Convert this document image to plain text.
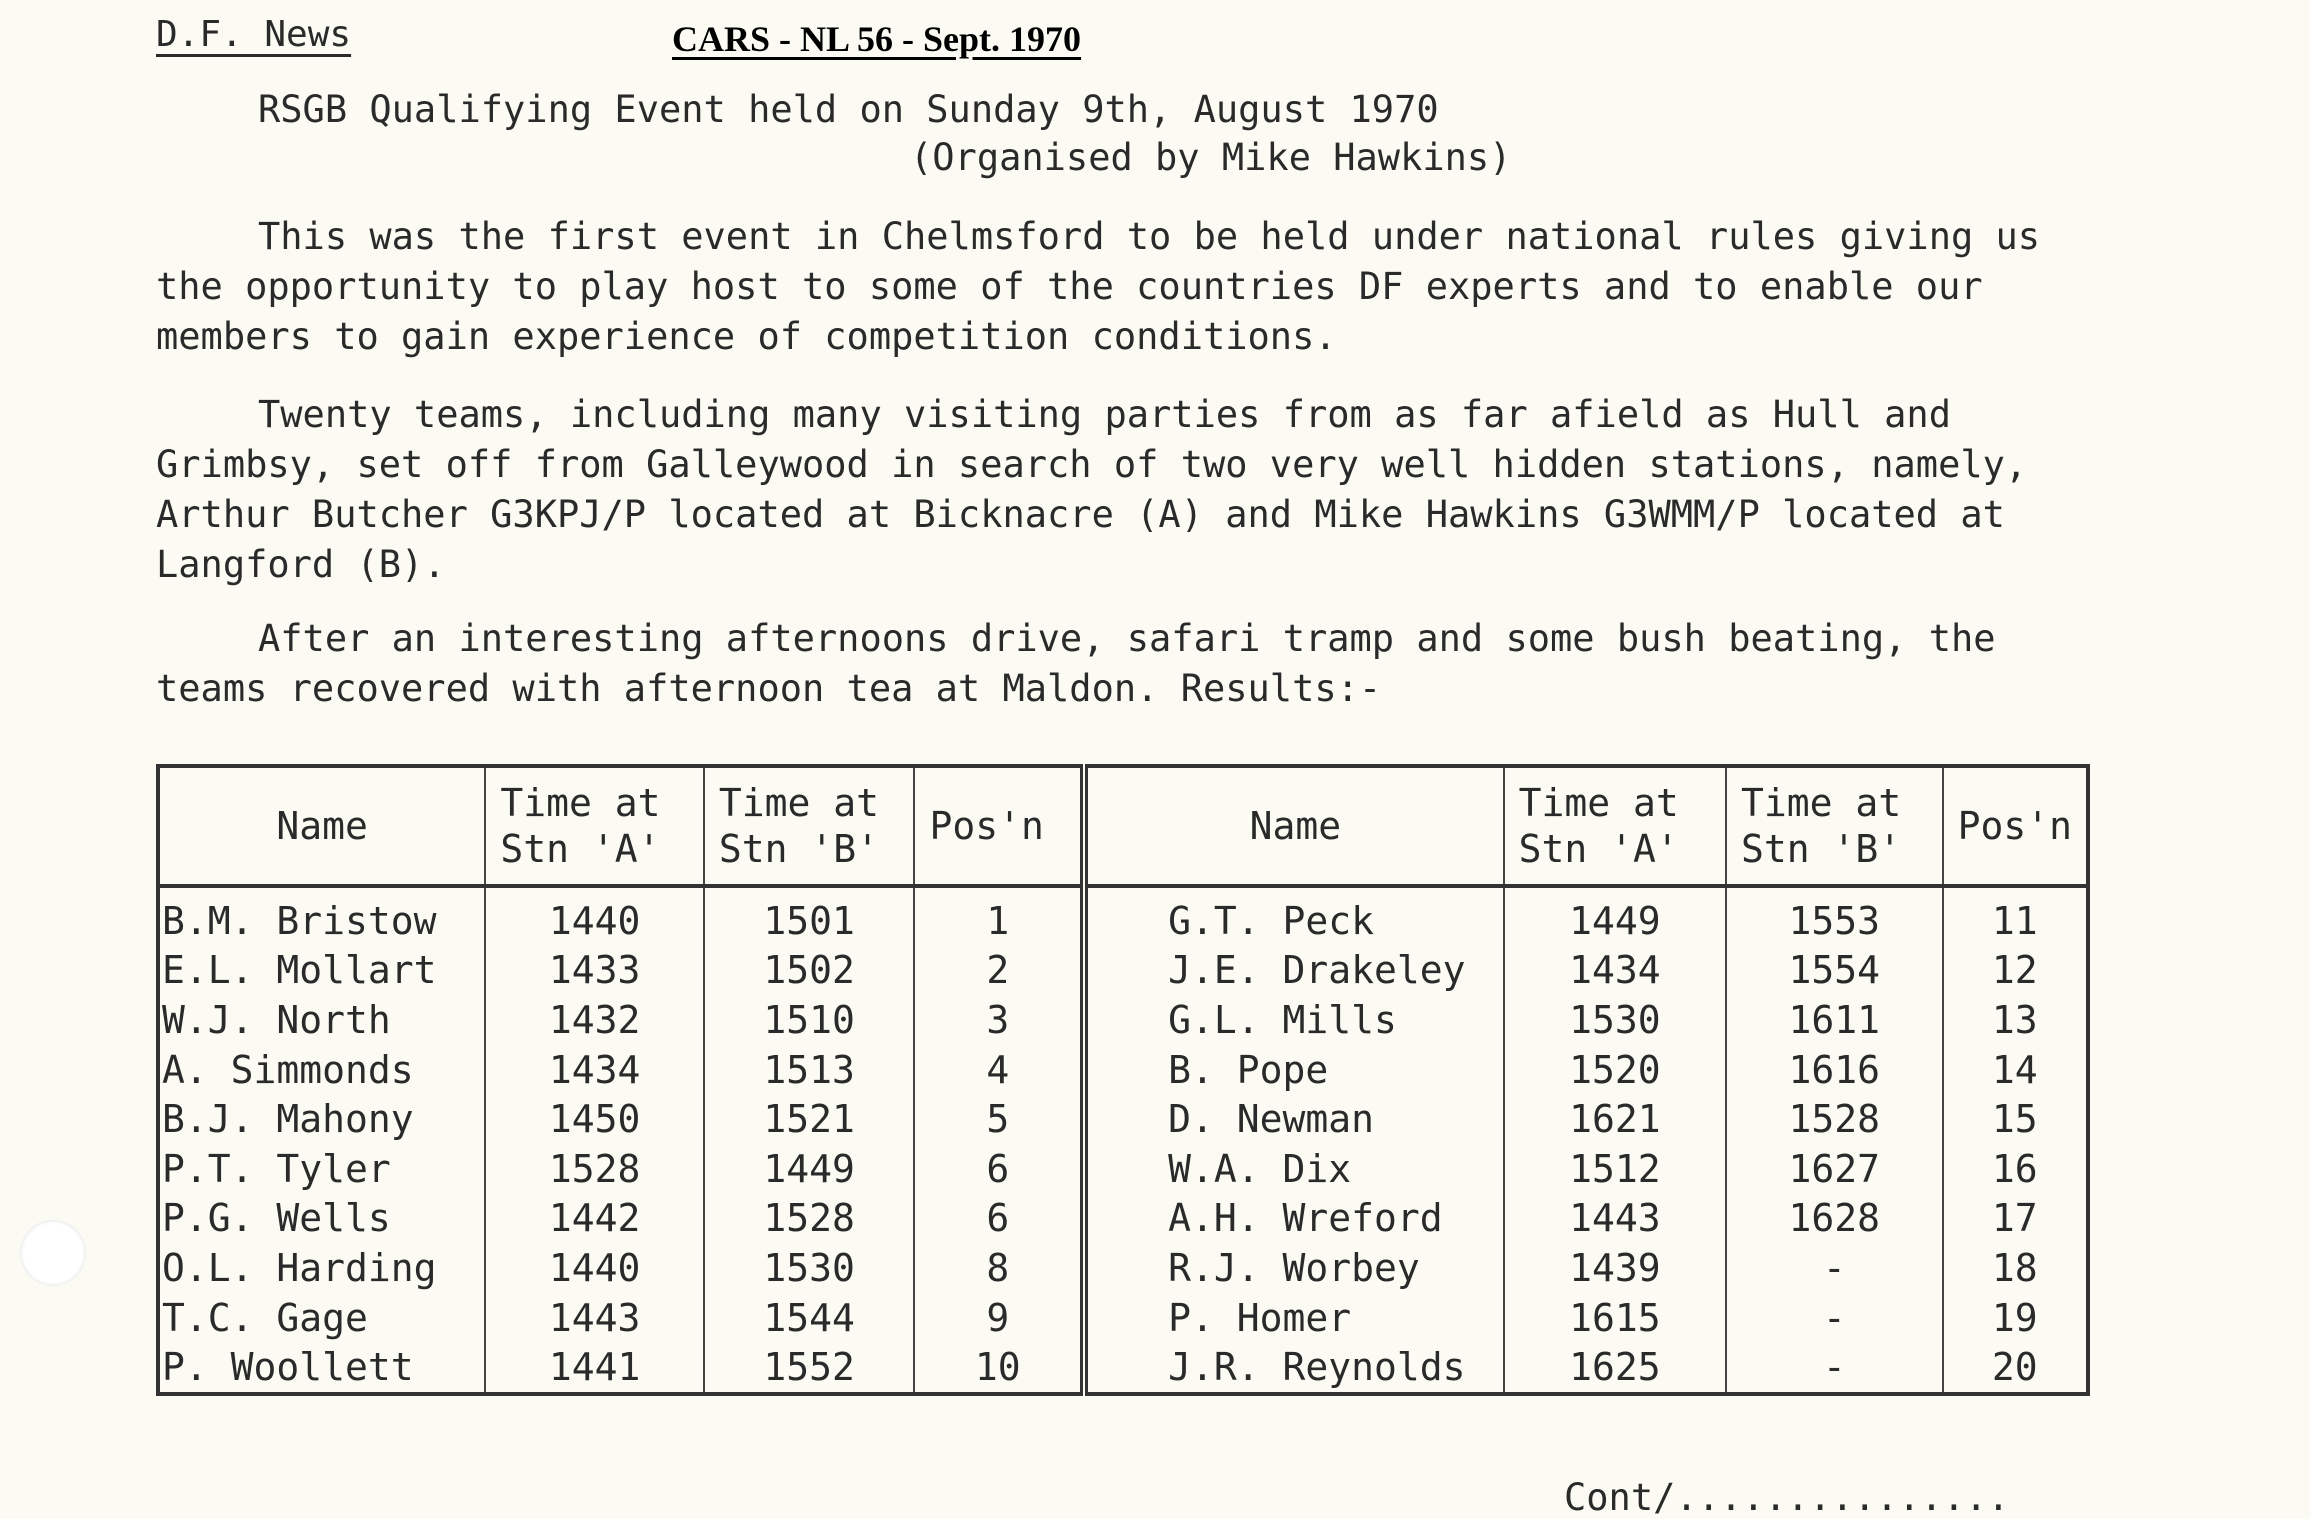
D.F. News	CARS - NL 56 - Sept. 1970
RSGB Qualifying Event held on Sunday 9th, August 1970
(Organised by Mike Hawkins)

This was the first event in Chelmsford to be held under national rules giving us the opportunity to play host to some of the countries DF experts and to enable our members to gain experience of competition conditions.

Twenty teams, including many visiting parties from as far afield as Hull and Grimbsy, set off from Galleywood in search of two very well hidden stations, namely, Arthur Butcher G3KPJ/P located at Bicknacre (A) and Mike Hawkins G3WMM/P located at Langford (B).

After an interesting afternoons drive, safari tramp and some bush beating, the teams recovered with afternoon tea at Maldon. Results:-

Name	Time at Stn 'A'	Time at Stn 'B'	Pos'n	Name	Time at Stn 'A'	Time at Stn 'B'	Pos'n
B.M. Bristow	1440	1501	1	G.T. Peck	1449	1553	11
E.L. Mollart	1433	1502	2	J.E. Drakeley	1434	1554	12
W.J. North	1432	1510	3	G.L. Mills	1530	1611	13
A. Simmonds	1434	1513	4	B. Pope	1520	1616	14
B.J. Mahony	1450	1521	5	D. Newman	1621	1528	15
P.T. Tyler	1528	1449	6	W.A. Dix	1512	1627	16
P.G. Wells	1442	1528	6	A.H. Wreford	1443	1628	17
O.L. Harding	1440	1530	8	R.J. Worbey	1439	-	18
T.C. Gage	1443	1544	9	P. Homer	1615	-	19
P. Woollett	1441	1552	10	J.R. Reynolds	1625	-	20
Cont/...............
